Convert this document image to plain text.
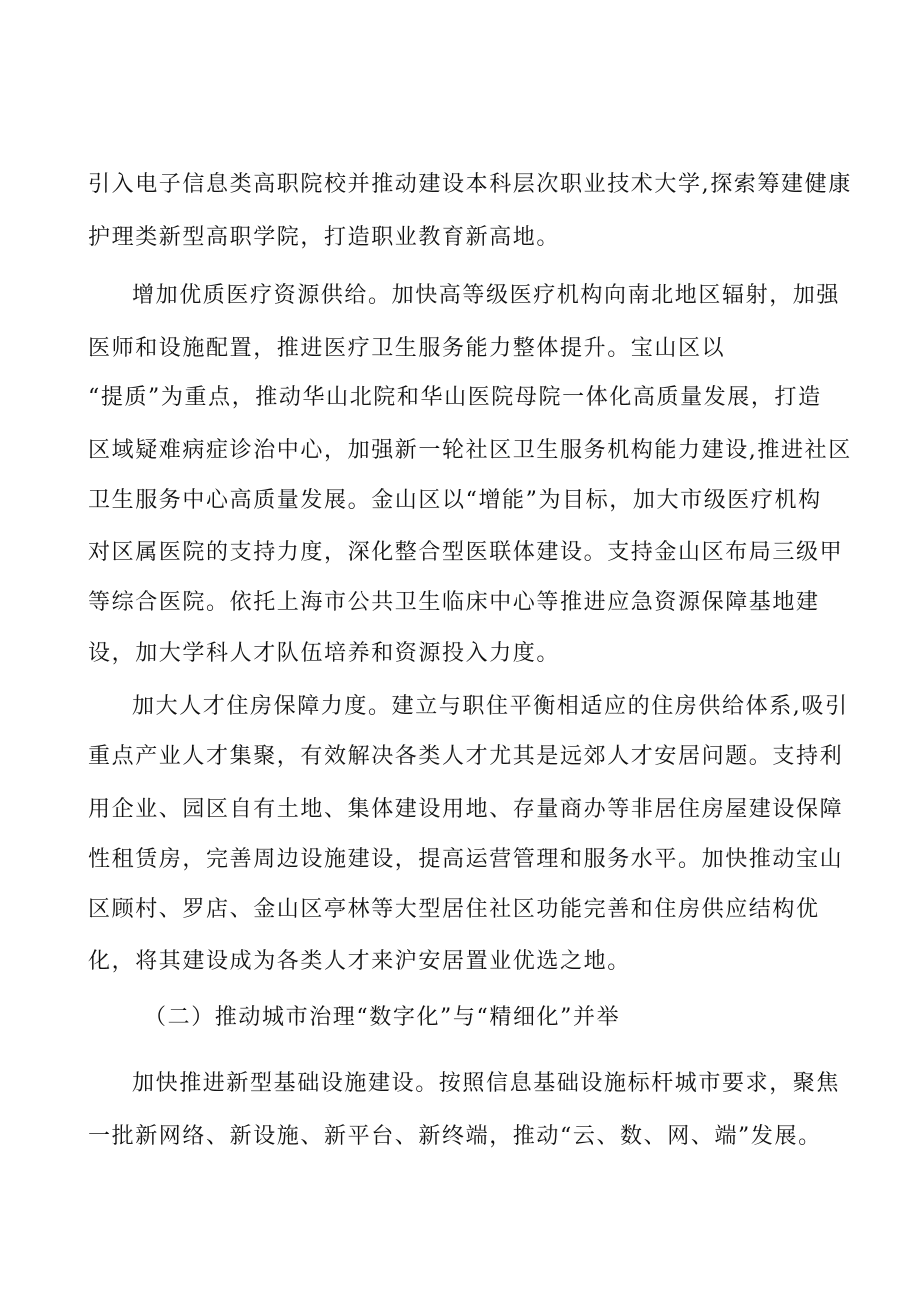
引入电子信息类高职院校并推动建设本科层次职业技术大学,探索筹建健康
护理类新型高职学院，打造职业教育新高地。
增加优质医疗资源供给。加快高等级医疗机构向南北地区辐射，加强
医师和设施配置，推进医疗卫生服务能力整体提升。宝山区以
“提质”为重点，推动华山北院和华山医院母院一体化高质量发展，打造
区域疑难病症诊治中心，加强新一轮社区卫生服务机构能力建设,推进社区
卫生服务中心高质量发展。金山区以“增能”为目标，加大市级医疗机构
对区属医院的支持力度，深化整合型医联体建设。支持金山区布局三级甲
等综合医院。依托上海市公共卫生临床中心等推进应急资源保障基地建
设，加大学科人才队伍培养和资源投入力度。
加大人才住房保障力度。建立与职住平衡相适应的住房供给体系,吸引
重点产业人才集聚，有效解决各类人才尤其是远郊人才安居问题。支持利
用企业、园区自有土地、集体建设用地、存量商办等非居住房屋建设保障
性租赁房，完善周边设施建设，提高运营管理和服务水平。加快推动宝山
区顾村、罗店、金山区亭林等大型居住社区功能完善和住房供应结构优
化，将其建设成为各类人才来沪安居置业优选之地。
（二）推动城市治理“数字化”与“精细化”并举
加快推进新型基础设施建设。按照信息基础设施标杆城市要求，聚焦
一批新网络、新设施、新平台、新终端，推动“云、数、网、端”发展。
